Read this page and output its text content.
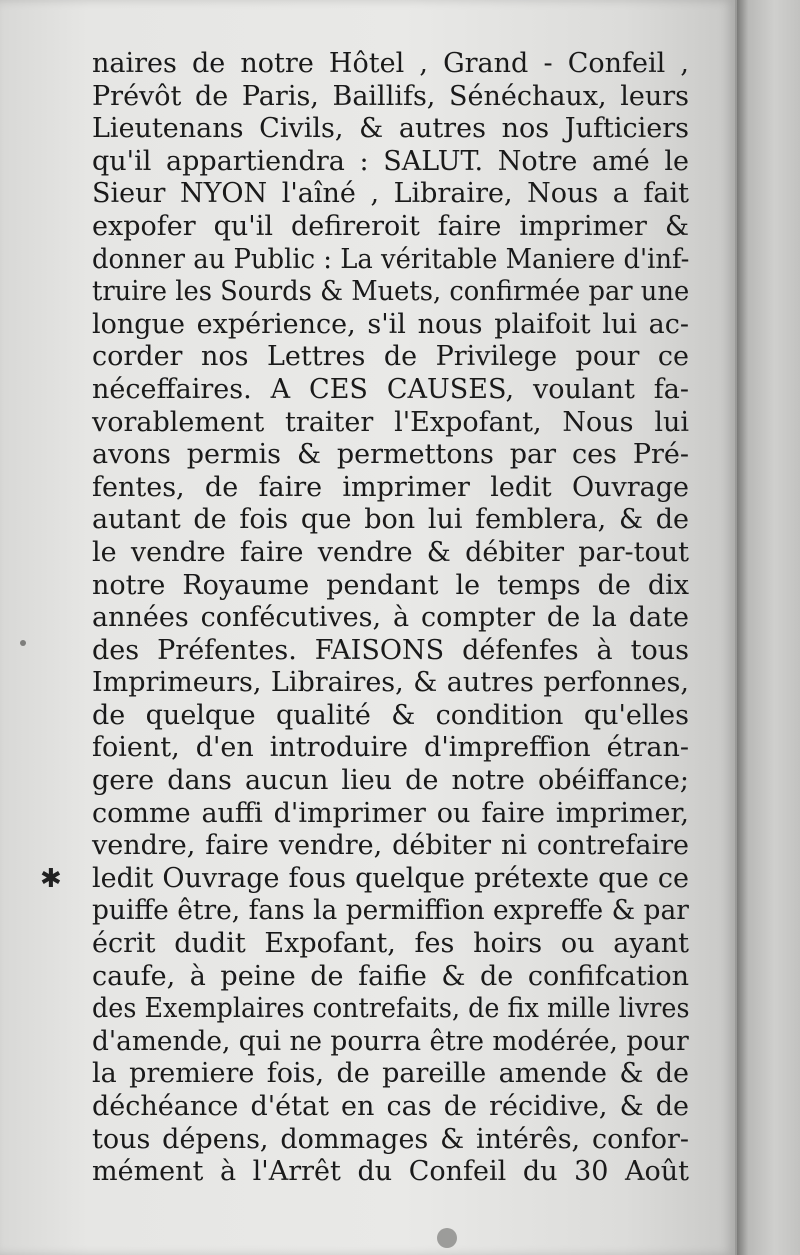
✱
naires de notre Hôtel , Grand - Confeil ,
Prévôt de Paris, Baillifs, Sénéchaux, leurs
Lieutenans Civils, & autres nos Jufticiers
qu'il appartiendra : SALUT. Notre amé le
Sieur NYON l'aîné , Libraire, Nous a fait
expofer qu'il defireroit faire imprimer &
donner au Public : La véritable Maniere d'inf-
truire les Sourds & Muets, confirmée par une
longue expérience, s'il nous plaifoit lui ac-
corder nos Lettres de Privilege pour ce
néceffaires. A CES CAUSES, voulant fa-
vorablement traiter l'Expofant, Nous lui
avons permis & permettons par ces Pré-
fentes, de faire imprimer ledit Ouvrage
autant de fois que bon lui femblera, & de
le vendre faire vendre & débiter par-tout
notre Royaume pendant le temps de dix
années confécutives, à compter de la date
des Préfentes. FAISONS défenfes à tous
Imprimeurs, Libraires, & autres perfonnes,
de quelque qualité & condition qu'elles
foient, d'en introduire d'impreffion étran-
gere dans aucun lieu de notre obéiffance;
comme auffi d'imprimer ou faire imprimer,
vendre, faire vendre, débiter ni contrefaire
ledit Ouvrage fous quelque prétexte que ce
puiffe être, fans la permiffion expreffe & par
écrit dudit Expofant, fes hoirs ou ayant
caufe, à peine de faifie & de confifcation
des Exemplaires contrefaits, de fix mille livres
d'amende, qui ne pourra être modérée, pour
la premiere fois, de pareille amende & de
déchéance d'état en cas de récidive, & de
tous dépens, dommages & intérês, confor-
mément à l'Arrêt du Confeil du 30 Août
